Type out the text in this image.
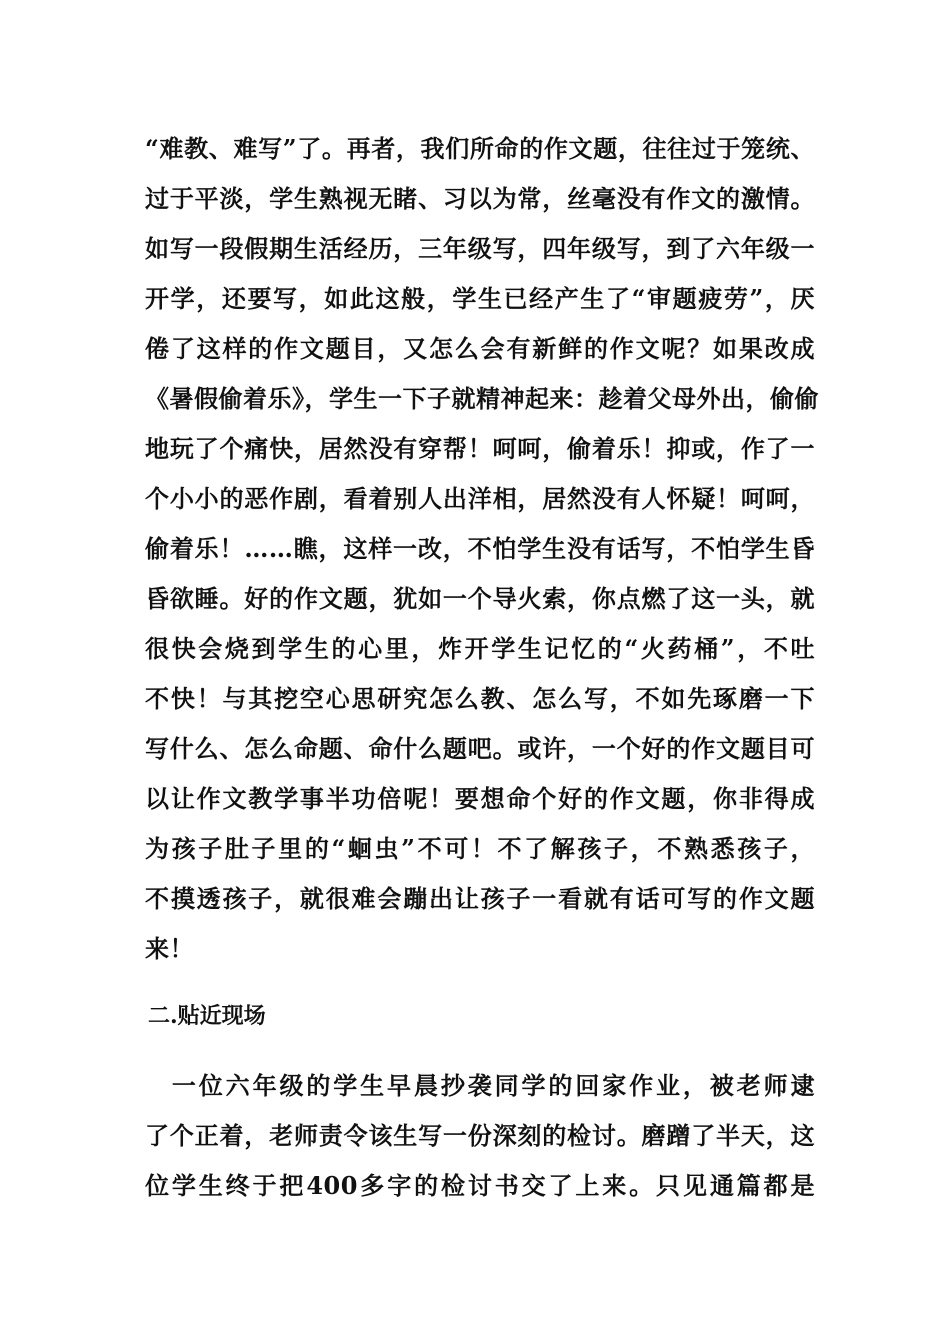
“难教、难写”了。再者，我们所命的作文题，往往过于笼统、
过于平淡，学生熟视无睹、习以为常，丝毫没有作文的激情。
如写一段假期生活经历，三年级写，四年级写，到了六年级一
开学，还要写，如此这般，学生已经产生了“审题疲劳”，厌
倦了这样的作文题目，又怎么会有新鲜的作文呢？如果改成
《暑假偷着乐》，学生一下子就精神起来：趁着父母外出，偷偷
地玩了个痛快，居然没有穿帮！呵呵，偷着乐！抑或，作了一
个小小的恶作剧，看着别人出洋相，居然没有人怀疑！呵呵，
偷着乐！……瞧，这样一改，不怕学生没有话写，不怕学生昏
昏欲睡。好的作文题，犹如一个导火索，你点燃了这一头，就
很快会烧到学生的心里，炸开学生记忆的“火药桶”，不吐
不快！与其挖空心思研究怎么教、怎么写，不如先琢磨一下
写什么、怎么命题、命什么题吧。或许，一个好的作文题目可
以让作文教学事半功倍呢！要想命个好的作文题，你非得成
为孩子肚子里的“蛔虫”不可！不了解孩子，不熟悉孩子，
不摸透孩子，就很难会蹦出让孩子一看就有话可写的作文题
来！
二.贴近现场
　一位六年级的学生早晨抄袭同学的回家作业，被老师逮
了个正着，老师责令该生写一份深刻的检讨。磨蹭了半天，这
位学生终于把400多字的检讨书交了上来。只见通篇都是
